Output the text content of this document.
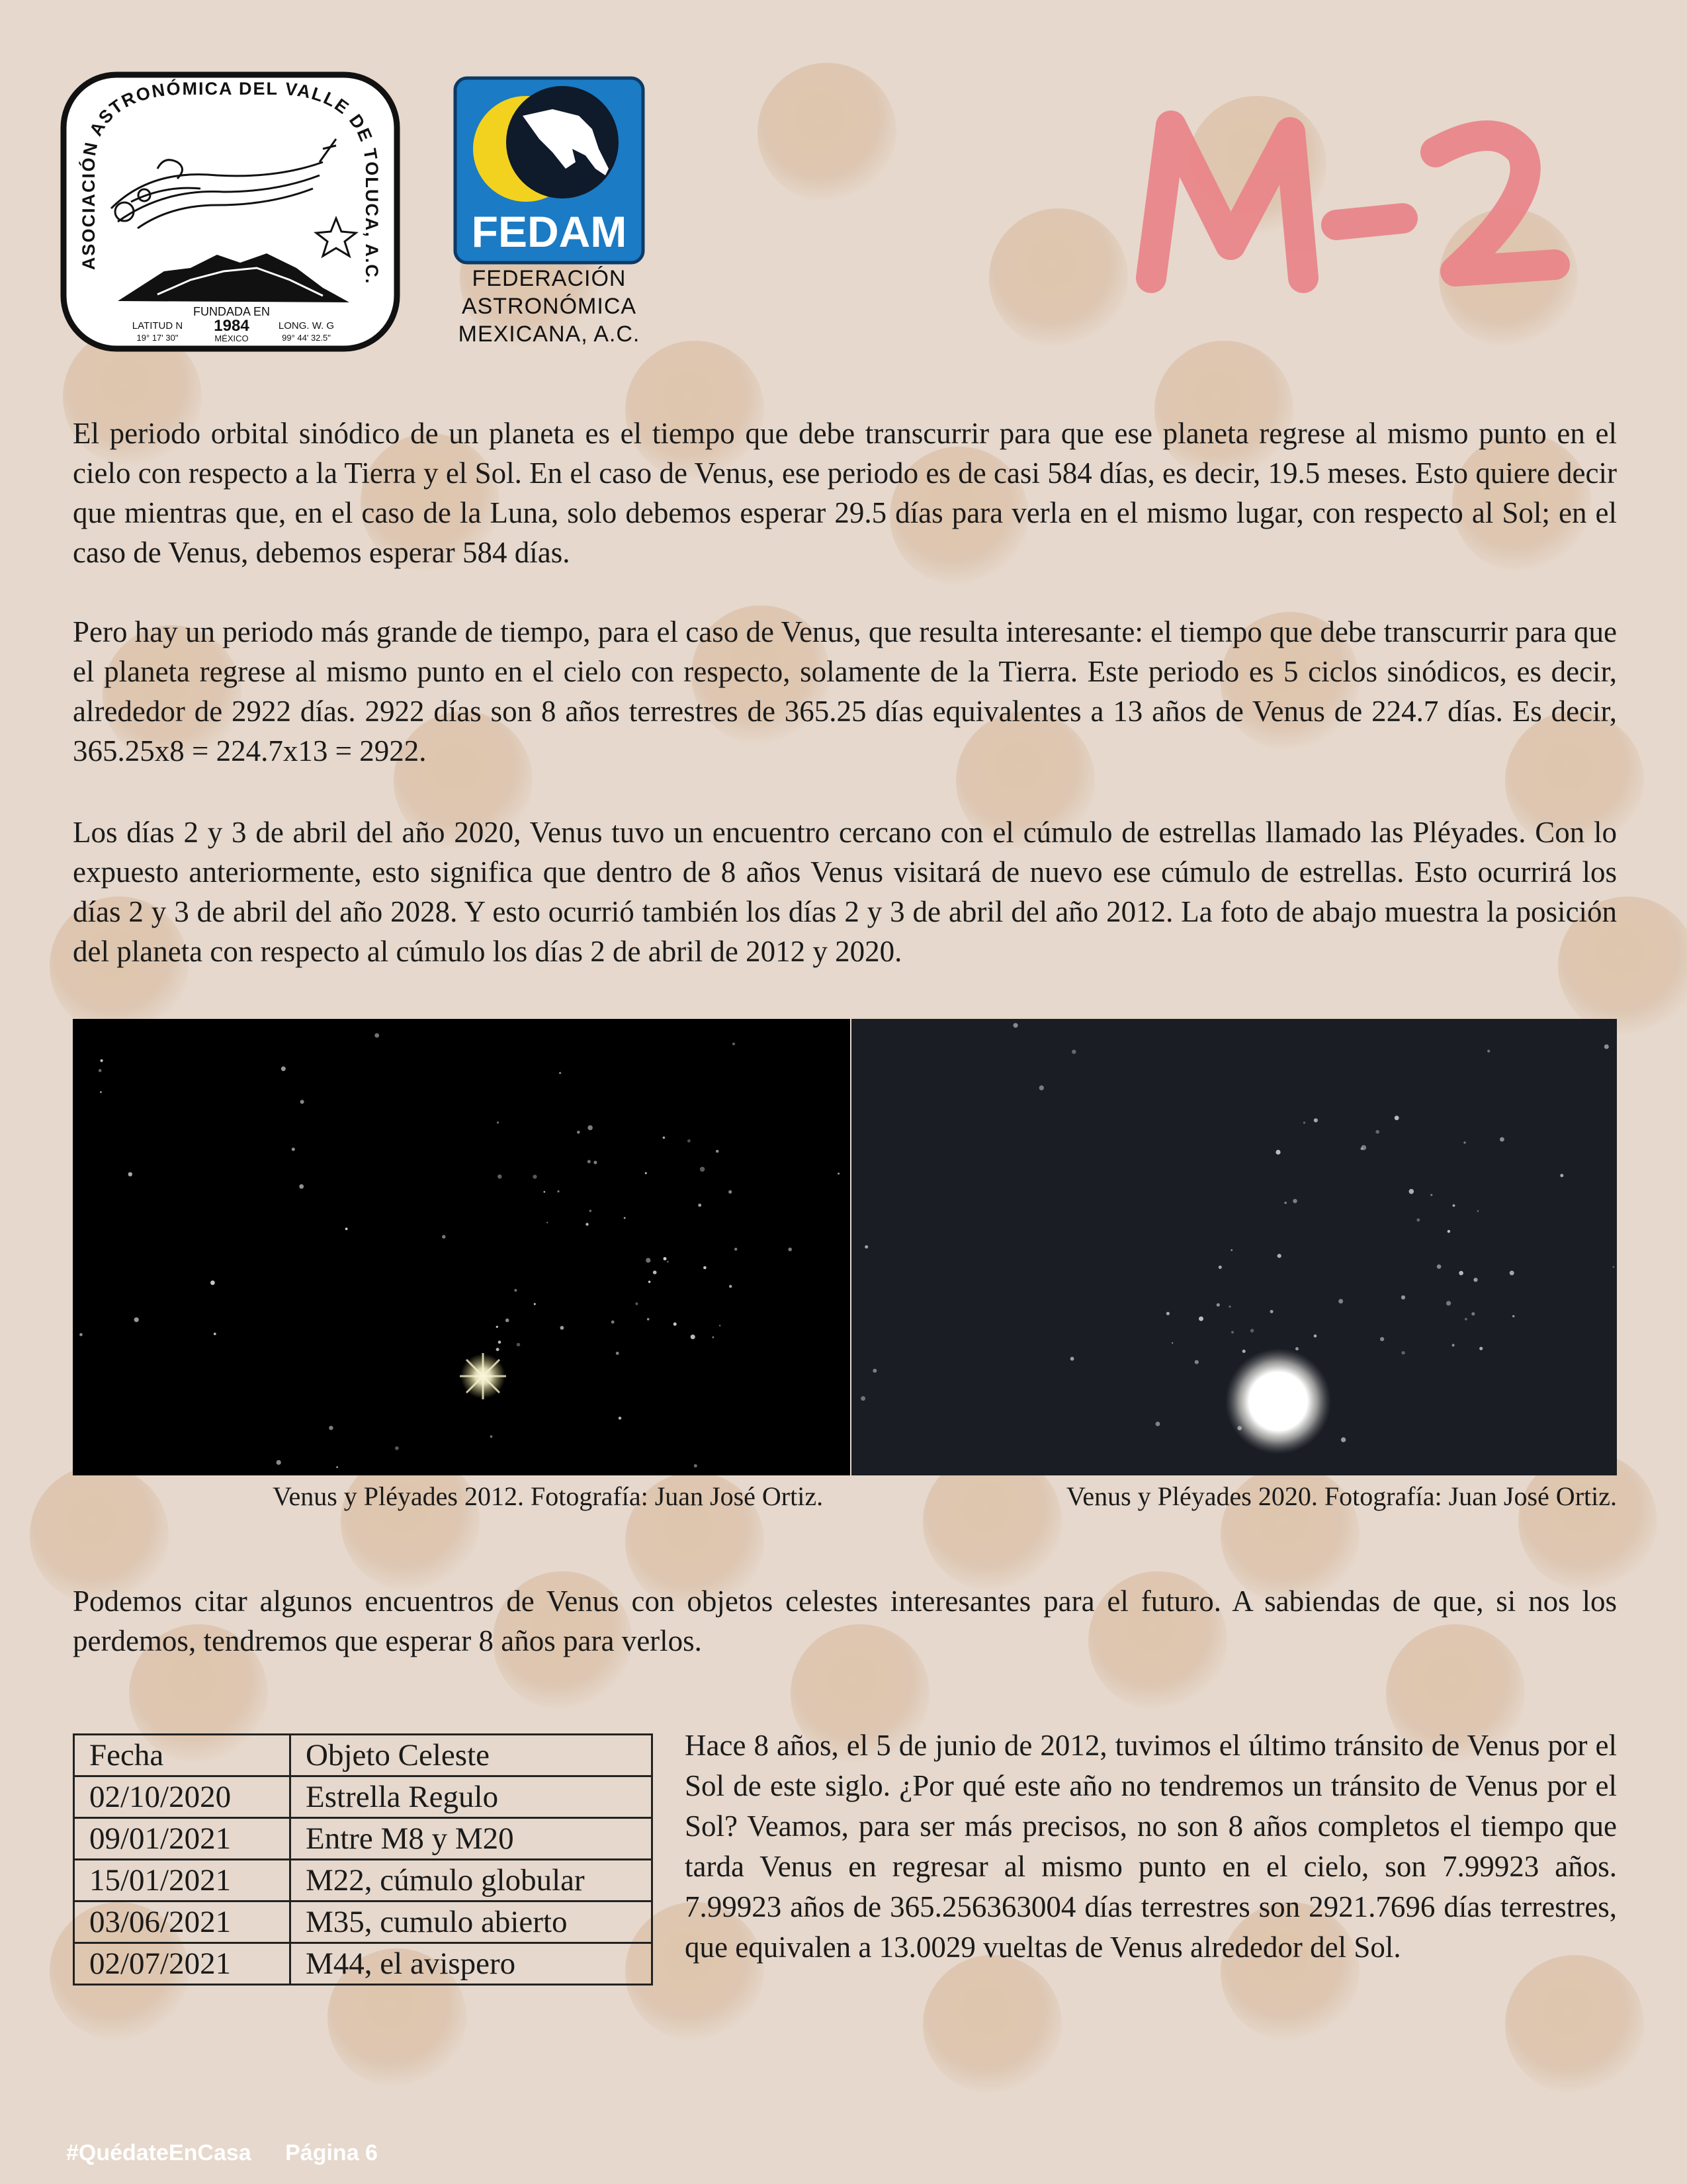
ASOCIACIÓN ASTRONÓMICA DEL VALLE DE TOLUCA, A.C.
FUNDADA EN
1984
MÉXICO
LATITUD N
19° 17' 30"
LONG. W. G
99° 44' 32.5"
FEDAM
FEDERACIÓN
ASTRONÓMICA
MEXICANA, A.C.

El periodo orbital sinódico de un planeta es el tiempo que debe transcurrir para que ese planeta regrese al mismo punto en el cielo con respecto a la Tierra y el Sol. En el caso de Venus, ese periodo es de casi 584 días, es decir, 19.5 meses. Esto quiere decir que mientras que, en el caso de la Luna, solo debemos esperar 29.5 días para verla en el mismo lugar, con respecto al Sol; en el caso de Venus, debemos esperar 584 días.

Pero hay un periodo más grande de tiempo, para el caso de Venus, que resulta interesante: el tiempo que debe transcurrir para que el planeta regrese al mismo punto en el cielo con respecto, solamente de la Tierra. Este periodo es 5 ciclos sinódicos, es decir, alrededor de 2922 días. 2922 días son 8 años terrestres de 365.25 días equivalentes a 13 años de Venus de 224.7 días. Es decir, 365.25x8 = 224.7x13 = 2922.

Los días 2 y 3 de abril del año 2020, Venus tuvo un encuentro cercano con el cúmulo de estrellas llamado las Pléyades. Con lo expuesto anteriormente, esto significa que dentro de 8 años Venus visitará de nuevo ese cúmulo de estrellas. Esto ocurrirá los días 2 y 3 de abril del año 2028. Y esto ocurrió también los días 2 y 3 de abril del año 2012. La foto de abajo muestra la posición del planeta con respecto al cúmulo los días 2 de abril de 2012 y 2020.

Venus y Pléyades 2012. Fotografía: Juan José Ortiz.	Venus y Pléyades 2020. Fotografía: Juan José Ortiz.

Podemos citar algunos encuentros de Venus con objetos celestes interesantes para el futuro. A sabiendas de que, si nos los perdemos, tendremos que esperar 8 años para verlos.

Fecha	Objeto Celeste
02/10/2020	Estrella Regulo
09/01/2021	Entre M8 y M20
15/01/2021	M22, cúmulo globular
03/06/2021	M35, cumulo abierto
02/07/2021	M44, el avispero

Hace 8 años, el 5 de junio de 2012, tuvimos el último tránsito de Venus por el Sol de este siglo. ¿Por qué este año no tendremos un tránsito de Venus por el Sol? Veamos, para ser más precisos, no son 8 años completos el tiempo que tarda Venus en regresar al mismo punto en el cielo, son 7.99923 años. 7.99923 años de 365.256363004 días terrestres son 2921.7696 días terrestres, que equivalen a 13.0029 vueltas de Venus alrededor del Sol.

#QuédateEnCasa Página 6
